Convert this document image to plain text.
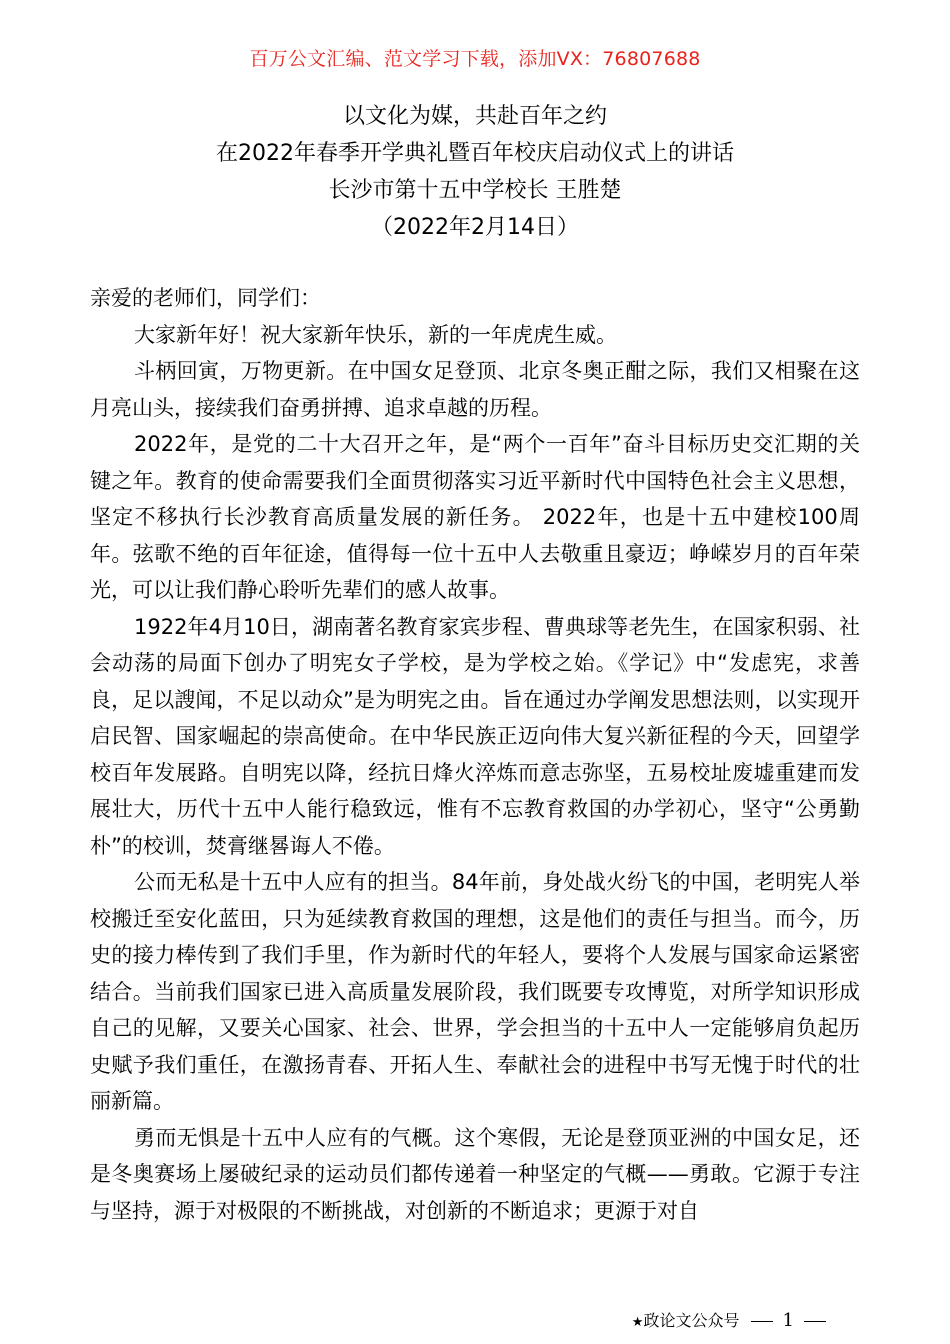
百万公文汇编、范文学习下载，添加VX：76807688
以文化为媒，共赴百年之约
在2022年春季开学典礼暨百年校庆启动仪式上的讲话
长沙市第十五中学校长 王胜楚
（2022年2月14日）

亲爱的老师们，同学们：

大家新年好！祝大家新年快乐，新的一年虎虎生威。

斗柄回寅，万物更新。在中国女足登顶、北京冬奥正酣之际，我们又相聚在这月亮山头，接续我们奋勇拼搏、追求卓越的历程。

2022年，是党的二十大召开之年，是“两个一百年”奋斗目标历史交汇期的关键之年。教育的使命需要我们全面贯彻落实习近平新时代中国特色社会主义思想，坚定不移执行长沙教育高质量发展的新任务。 2022年，也是十五中建校100周年。弦歌不绝的百年征途，值得每一位十五中人去敬重且豪迈；峥嵘岁月的百年荣光，可以让我们静心聆听先辈们的感人故事。

1922年4月10日，湖南著名教育家宾步程、曹典球等老先生，在国家积弱、社会动荡的局面下创办了明宪女子学校，是为学校之始。《学记》中“发虑宪，求善良，足以謏闻，不足以动众”是为明宪之由。旨在通过办学阐发思想法则，以实现开启民智、国家崛起的崇高使命。在中华民族正迈向伟大复兴新征程的今天，回望学校百年发展路。自明宪以降，经抗日烽火淬炼而意志弥坚，五易校址废墟重建而发展壮大，历代十五中人能行稳致远，惟有不忘教育救国的办学初心，坚守“公勇勤朴”的校训，焚膏继晷诲人不倦。

公而无私是十五中人应有的担当。84年前，身处战火纷飞的中国，老明宪人举校搬迁至安化蓝田，只为延续教育救国的理想，这是他们的责任与担当。而今，历史的接力棒传到了我们手里，作为新时代的年轻人，要将个人发展与国家命运紧密结合。当前我们国家已进入高质量发展阶段，我们既要专攻博览，对所学知识形成自己的见解，又要关心国家、社会、世界，学会担当的十五中人一定能够肩负起历史赋予我们重任，在激扬青春、开拓人生、奉献社会的进程中书写无愧于时代的壮丽新篇。

勇而无惧是十五中人应有的气概。这个寒假，无论是登顶亚洲的中国女足，还是冬奥赛场上屡破纪录的运动员们都传递着一种坚定的气概——勇敢。它源于专注与坚持，源于对极限的不断挑战，对创新的不断追求；更源于对自

★政论文公众号 1
